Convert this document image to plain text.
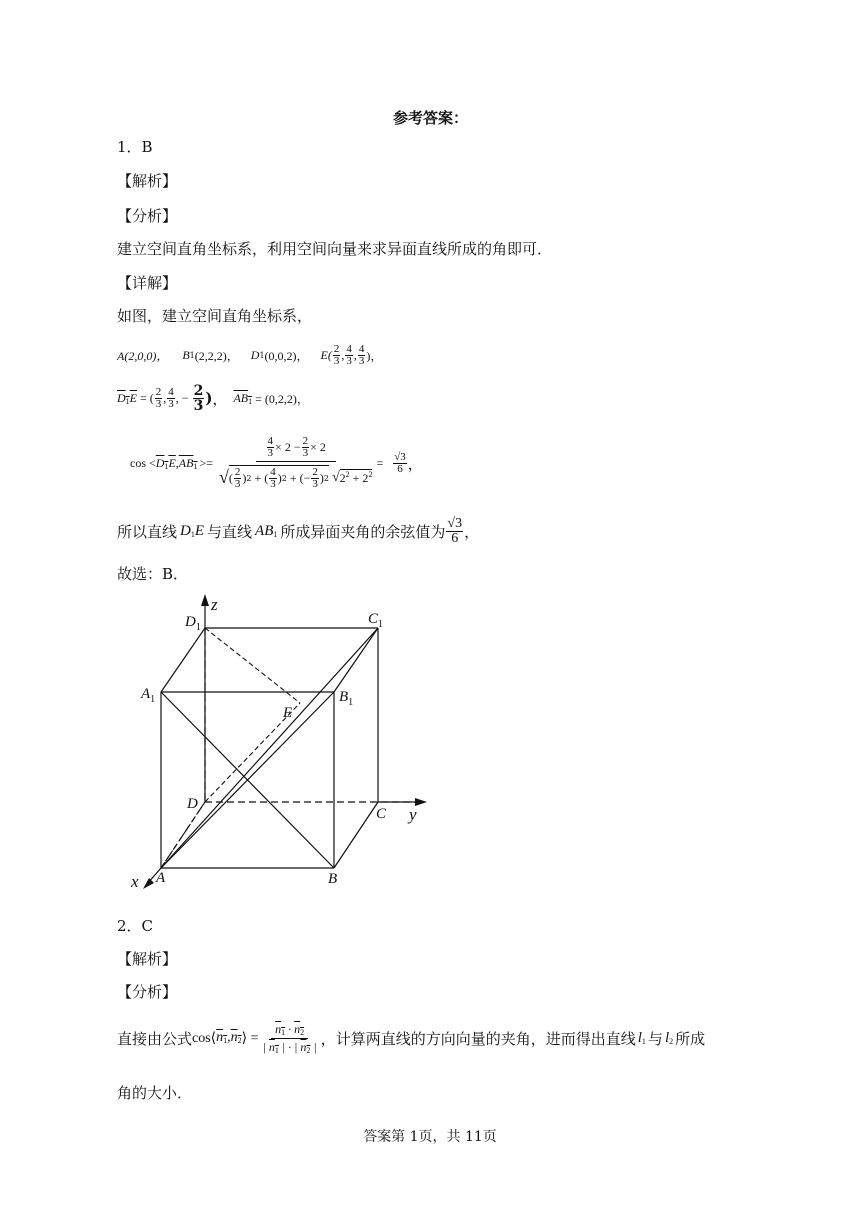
参考答案：
1．B
【解析】
【分析】
建立空间直角坐标系，利用空间向量来求异面直线所成的角即可．
【详解】
如图，建立空间直角坐标系，
A(2,0,0)， B 1 (2,2,2)， D 1 (0,0,2)， $E( \frac{2}{3}$ , $\frac{4}{3}$ , $\frac{4}{3}$ )，
$D_1E$ = ( $\frac{2}{3}$ , $\frac{4}{3}$ , − $\frac{2}{3}$ ) ， $AB_1 = (0,2,2)$，
$\cos < D_1E$ , $AB_1$ >=
$\frac{4}{3} \times 2 - \frac{2}{3} \times 2$
√ ( $\frac{2}{3}$ ) 2 + ( $\frac{4}{3}$ ) 2 + (− $\frac{2}{3}$ ) 2 √ $2^2 + 2^2$
= $\frac{√3}{6}$ ，
所以直线 $D_1E$ 与直线 $AB_1$ 所成异面夹角的余弦值为 $\frac{√3}{6}$ ，
故选：B．
z
$D_1$
$C_1$
$A_1$	$B_1$
E
D
C y
x A	B
2．C
【解析】
【分析】
直接由公式 cos⟨ $n_1$ , $n_2$ ⟩ = $\frac{n_1 \cdot n_2}{| n_1 | \cdot | n_2 |}$ ，计算两直线的方向向量的夹角，进而得出直线 $l_1$ 与 $l_2$ 所成
角的大小．
答案第 1页，共 11页
